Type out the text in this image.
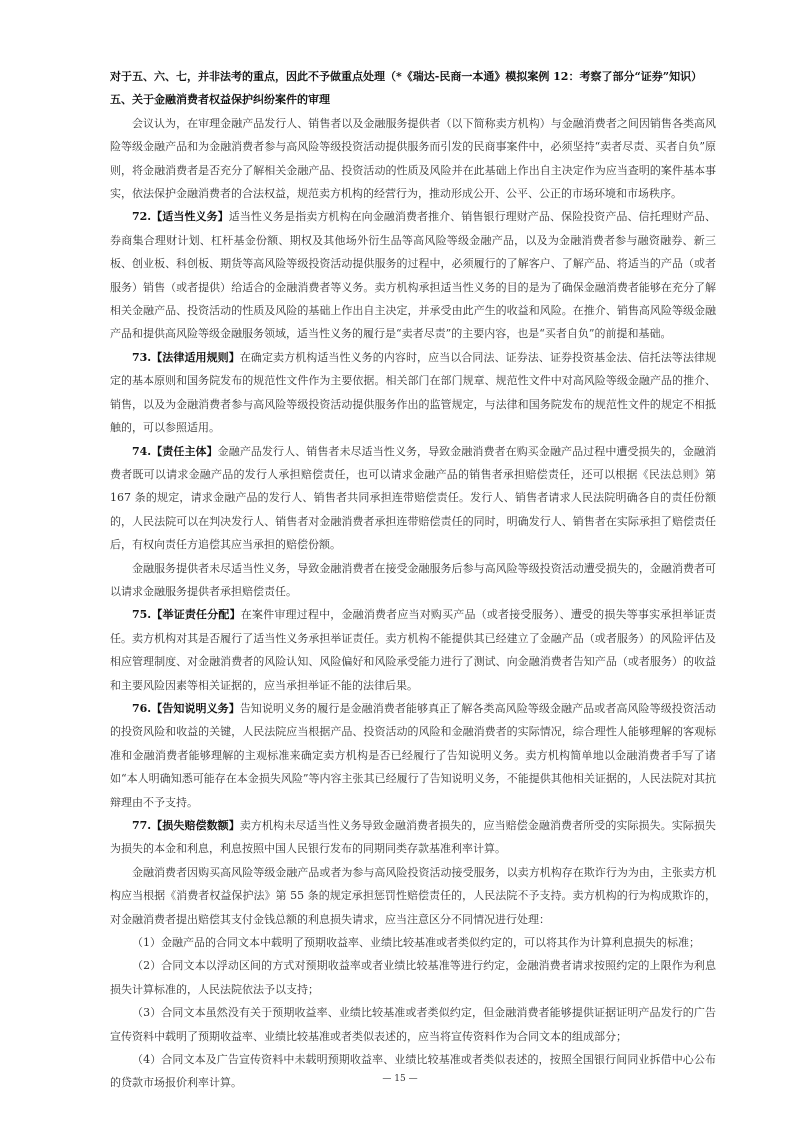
对于五、六、七，并非法考的重点，因此不予做重点处理（*《瑞达-民商一本通》模拟案例 12：考察了部分“证券”知识）

五、关于金融消费者权益保护纠纷案件的审理

会议认为，在审理金融产品发行人、销售者以及金融服务提供者（以下简称卖方机构）与金融消费者之间因销售各类高风险等级金融产品和为金融消费者参与高风险等级投资活动提供服务而引发的民商事案件中，必须坚持“卖者尽责、买者自负”原则，将金融消费者是否充分了解相关金融产品、投资活动的性质及风险并在此基础上作出自主决定作为应当查明的案件基本事实，依法保护金融消费者的合法权益，规范卖方机构的经营行为，推动形成公开、公平、公正的市场环境和市场秩序。

72.【适当性义务】适当性义务是指卖方机构在向金融消费者推介、销售银行理财产品、保险投资产品、信托理财产品、券商集合理财计划、杠杆基金份额、期权及其他场外衍生品等高风险等级金融产品，以及为金融消费者参与融资融券、新三板、创业板、科创板、期货等高风险等级投资活动提供服务的过程中，必须履行的了解客户、了解产品、将适当的产品（或者服务）销售（或者提供）给适合的金融消费者等义务。卖方机构承担适当性义务的目的是为了确保金融消费者能够在充分了解相关金融产品、投资活动的性质及风险的基础上作出自主决定，并承受由此产生的收益和风险。在推介、销售高风险等级金融产品和提供高风险等级金融服务领域，适当性义务的履行是“卖者尽责”的主要内容，也是“买者自负”的前提和基础。

73.【法律适用规则】在确定卖方机构适当性义务的内容时，应当以合同法、证券法、证券投资基金法、信托法等法律规定的基本原则和国务院发布的规范性文件作为主要依据。相关部门在部门规章、规范性文件中对高风险等级金融产品的推介、销售，以及为金融消费者参与高风险等级投资活动提供服务作出的监管规定，与法律和国务院发布的规范性文件的规定不相抵触的，可以参照适用。

74.【责任主体】金融产品发行人、销售者未尽适当性义务，导致金融消费者在购买金融产品过程中遭受损失的，金融消费者既可以请求金融产品的发行人承担赔偿责任，也可以请求金融产品的销售者承担赔偿责任，还可以根据《民法总则》第 167 条的规定，请求金融产品的发行人、销售者共同承担连带赔偿责任。发行人、销售者请求人民法院明确各自的责任份额的，人民法院可以在判决发行人、销售者对金融消费者承担连带赔偿责任的同时，明确发行人、销售者在实际承担了赔偿责任后，有权向责任方追偿其应当承担的赔偿份额。

金融服务提供者未尽适当性义务，导致金融消费者在接受金融服务后参与高风险等级投资活动遭受损失的，金融消费者可以请求金融服务提供者承担赔偿责任。

75.【举证责任分配】在案件审理过程中，金融消费者应当对购买产品（或者接受服务）、遭受的损失等事实承担举证责任。卖方机构对其是否履行了适当性义务承担举证责任。卖方机构不能提供其已经建立了金融产品（或者服务）的风险评估及相应管理制度、对金融消费者的风险认知、风险偏好和风险承受能力进行了测试、向金融消费者告知产品（或者服务）的收益和主要风险因素等相关证据的，应当承担举证不能的法律后果。

76.【告知说明义务】告知说明义务的履行是金融消费者能够真正了解各类高风险等级金融产品或者高风险等级投资活动的投资风险和收益的关键，人民法院应当根据产品、投资活动的风险和金融消费者的实际情况，综合理性人能够理解的客观标准和金融消费者能够理解的主观标准来确定卖方机构是否已经履行了告知说明义务。卖方机构简单地以金融消费者手写了诸如“本人明确知悉可能存在本金损失风险”等内容主张其已经履行了告知说明义务，不能提供其他相关证据的，人民法院对其抗辩理由不予支持。

77.【损失赔偿数额】卖方机构未尽适当性义务导致金融消费者损失的，应当赔偿金融消费者所受的实际损失。实际损失为损失的本金和利息，利息按照中国人民银行发布的同期同类存款基准利率计算。

金融消费者因购买高风险等级金融产品或者为参与高风险投资活动接受服务，以卖方机构存在欺诈行为为由，主张卖方机构应当根据《消费者权益保护法》第 55 条的规定承担惩罚性赔偿责任的，人民法院不予支持。卖方机构的行为构成欺诈的，对金融消费者提出赔偿其支付金钱总额的利息损失请求，应当注意区分不同情况进行处理：

（1）金融产品的合同文本中载明了预期收益率、业绩比较基准或者类似约定的，可以将其作为计算利息损失的标准；

（2）合同文本以浮动区间的方式对预期收益率或者业绩比较基准等进行约定，金融消费者请求按照约定的上限作为利息损失计算标准的，人民法院依法予以支持；

（3）合同文本虽然没有关于预期收益率、业绩比较基准或者类似约定，但金融消费者能够提供证据证明产品发行的广告宣传资料中载明了预期收益率、业绩比较基准或者类似表述的，应当将宣传资料作为合同文本的组成部分；

（4）合同文本及广告宣传资料中未载明预期收益率、业绩比较基准或者类似表述的，按照全国银行间同业拆借中心公布的贷款市场报价利率计算。	— 15 —
